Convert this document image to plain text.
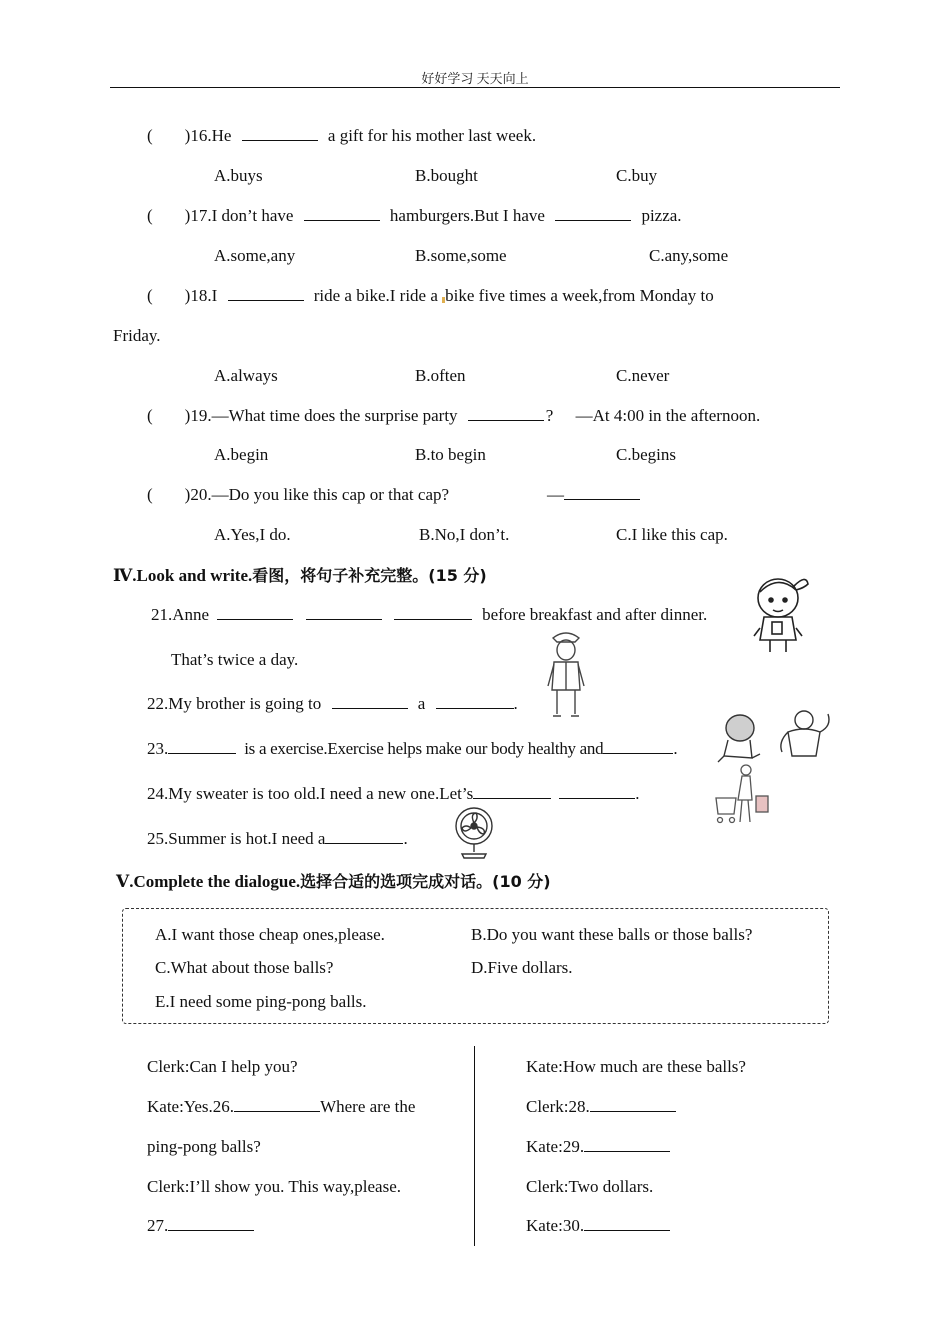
好好学习 天天向上
( )16.He	a gift for his mother last week.
A.buys	B.bought	C.buy
( )17.I don’t have	hamburgers.But I have	pizza.
A.some,any	B.some,some	C.any,some
( )18.I	ride a bike.I ride a bike five times a week,from Monday to
Friday.
A.always	B.often	C.never
( )19.—What time does the surprise party	? —At 4:00 in the afternoon.
A.begin	B.to begin	C.begins
( )20.—Do you like this cap or that cap?	—
A.Yes,I do.	B.No,I don’t.	C.I like this cap.
Ⅳ.Look and write.看图，将句子补充完整。(15 分)
21.Anne	before breakfast and after dinner.
That’s twice a day.
22.My brother is going to	a	.
23.	is a exercise.Exercise helps make our body healthy and	.
24.My sweater is too old.I need a new one.Let’s	.
25.Summer is hot.I need a	.
Ⅴ.Complete the dialogue.选择合适的选项完成对话。(10 分)
A.I want those cheap ones,please.	B.Do you want these balls or those balls?
C.What about those balls?	D.Five dollars.
E.I need some ping-pong balls.
Clerk:Can I help you?
Kate:Yes.26.	Where are the
ping-pong balls?
Clerk:I’ll show you. This way,please.
27.
Kate:How much are these balls?
Clerk:28.
Kate:29.
Clerk:Two dollars.
Kate:30.
